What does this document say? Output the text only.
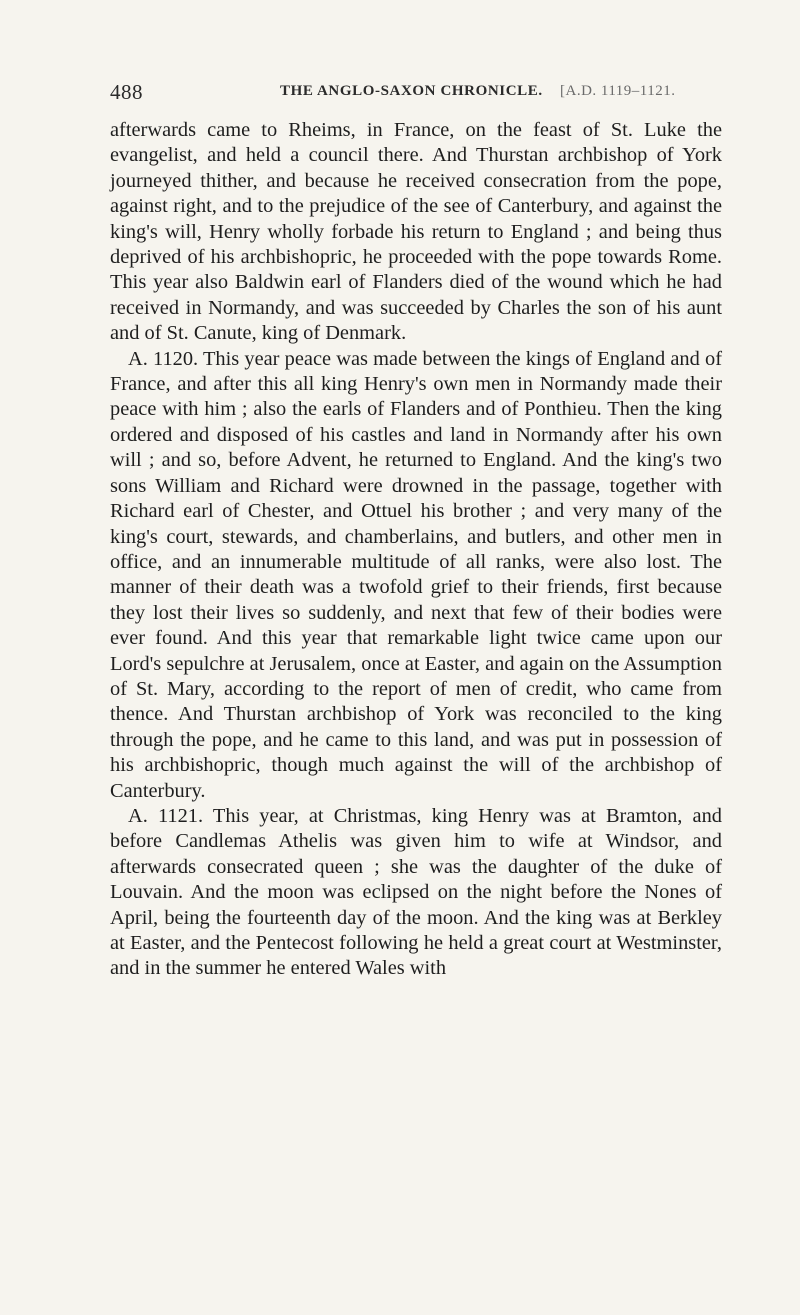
488	THE ANGLO-SAXON CHRONICLE. [A.D. 1119–1121.

afterwards came to Rheims, in France, on the feast of St. Luke the evangelist, and held a council there. And Thurstan archbishop of York journeyed thither, and because he received consecration from the pope, against right, and to the prejudice of the see of Canterbury, and against the king's will, Henry wholly forbade his return to England ; and being thus deprived of his archbishopric, he proceeded with the pope towards Rome. This year also Baldwin earl of Flanders died of the wound which he had received in Normandy, and was succeeded by Charles the son of his aunt and of St. Canute, king of Denmark.

A. 1120. This year peace was made between the kings of England and of France, and after this all king Henry's own men in Normandy made their peace with him ; also the earls of Flanders and of Ponthieu. Then the king ordered and disposed of his castles and land in Normandy after his own will ; and so, before Advent, he returned to England. And the king's two sons William and Richard were drowned in the passage, together with Richard earl of Chester, and Ottuel his brother ; and very many of the king's court, stewards, and chamberlains, and butlers, and other men in office, and an innumerable multitude of all ranks, were also lost. The manner of their death was a twofold grief to their friends, first because they lost their lives so suddenly, and next that few of their bodies were ever found. And this year that remarkable light twice came upon our Lord's sepulchre at Jerusalem, once at Easter, and again on the Assumption of St. Mary, according to the report of men of credit, who came from thence. And Thurstan archbishop of York was reconciled to the king through the pope, and he came to this land, and was put in possession of his archbishopric, though much against the will of the archbishop of Canterbury.

A. 1121. This year, at Christmas, king Henry was at Bramton, and before Candlemas Athelis was given him to wife at Windsor, and afterwards consecrated queen ; she was the daughter of the duke of Louvain. And the moon was eclipsed on the night before the Nones of April, being the fourteenth day of the moon. And the king was at Berkley at Easter, and the Pentecost following he held a great court at Westminster, and in the summer he entered Wales with
